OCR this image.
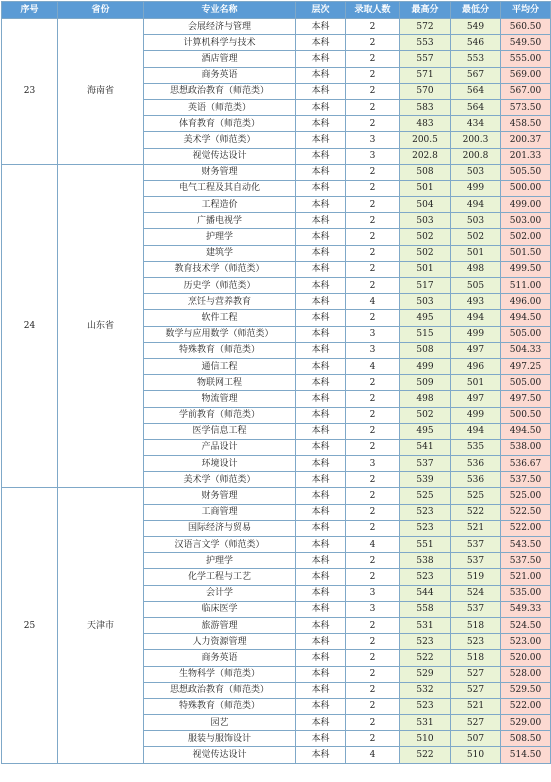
序号	省份	专业名称	层次	录取人数	最高分	最低分	平均分
23	海南省	会展经济与管理	本科	2	572	549	560.50
		计算机科学与技术	本科	2	553	546	549.50
		酒店管理	本科	2	557	553	555.00
		商务英语	本科	2	571	567	569.00
		思想政治教育（师范类）	本科	2	570	564	567.00
		英语（师范类）	本科	2	583	564	573.50
		体育教育（师范类）	本科	2	483	434	458.50
		美术学（师范类）	本科	3	200.5	200.3	200.37
		视觉传达设计	本科	3	202.8	200.8	201.33
24	山东省	财务管理	本科	2	508	503	505.50
		电气工程及其自动化	本科	2	501	499	500.00
		工程造价	本科	2	504	494	499.00
		广播电视学	本科	2	503	503	503.00
		护理学	本科	2	502	502	502.00
		建筑学	本科	2	502	501	501.50
		教育技术学（师范类）	本科	2	501	498	499.50
		历史学（师范类）	本科	2	517	505	511.00
		烹饪与营养教育	本科	4	503	493	496.00
		软件工程	本科	2	495	494	494.50
		数学与应用数学（师范类）	本科	3	515	499	505.00
		特殊教育（师范类）	本科	3	508	497	504.33
		通信工程	本科	4	499	496	497.25
		物联网工程	本科	2	509	501	505.00
		物流管理	本科	2	498	497	497.50
		学前教育（师范类）	本科	2	502	499	500.50
		医学信息工程	本科	2	495	494	494.50
		产品设计	本科	2	541	535	538.00
		环境设计	本科	3	537	536	536.67
		美术学（师范类）	本科	2	539	536	537.50
25	天津市	财务管理	本科	2	525	525	525.00
		工商管理	本科	2	523	522	522.50
		国际经济与贸易	本科	2	523	521	522.00
		汉语言文学（师范类）	本科	4	551	537	543.50
		护理学	本科	2	538	537	537.50
		化学工程与工艺	本科	2	523	519	521.00
		会计学	本科	3	544	524	535.00
		临床医学	本科	3	558	537	549.33
		旅游管理	本科	2	531	518	524.50
		人力资源管理	本科	2	523	523	523.00
		商务英语	本科	2	522	518	520.00
		生物科学（师范类）	本科	2	529	527	528.00
		思想政治教育（师范类）	本科	2	532	527	529.50
		特殊教育（师范类）	本科	2	523	521	522.00
		园艺	本科	2	531	527	529.00
		服装与服饰设计	本科	2	510	507	508.50
		视觉传达设计	本科	4	522	510	514.50
